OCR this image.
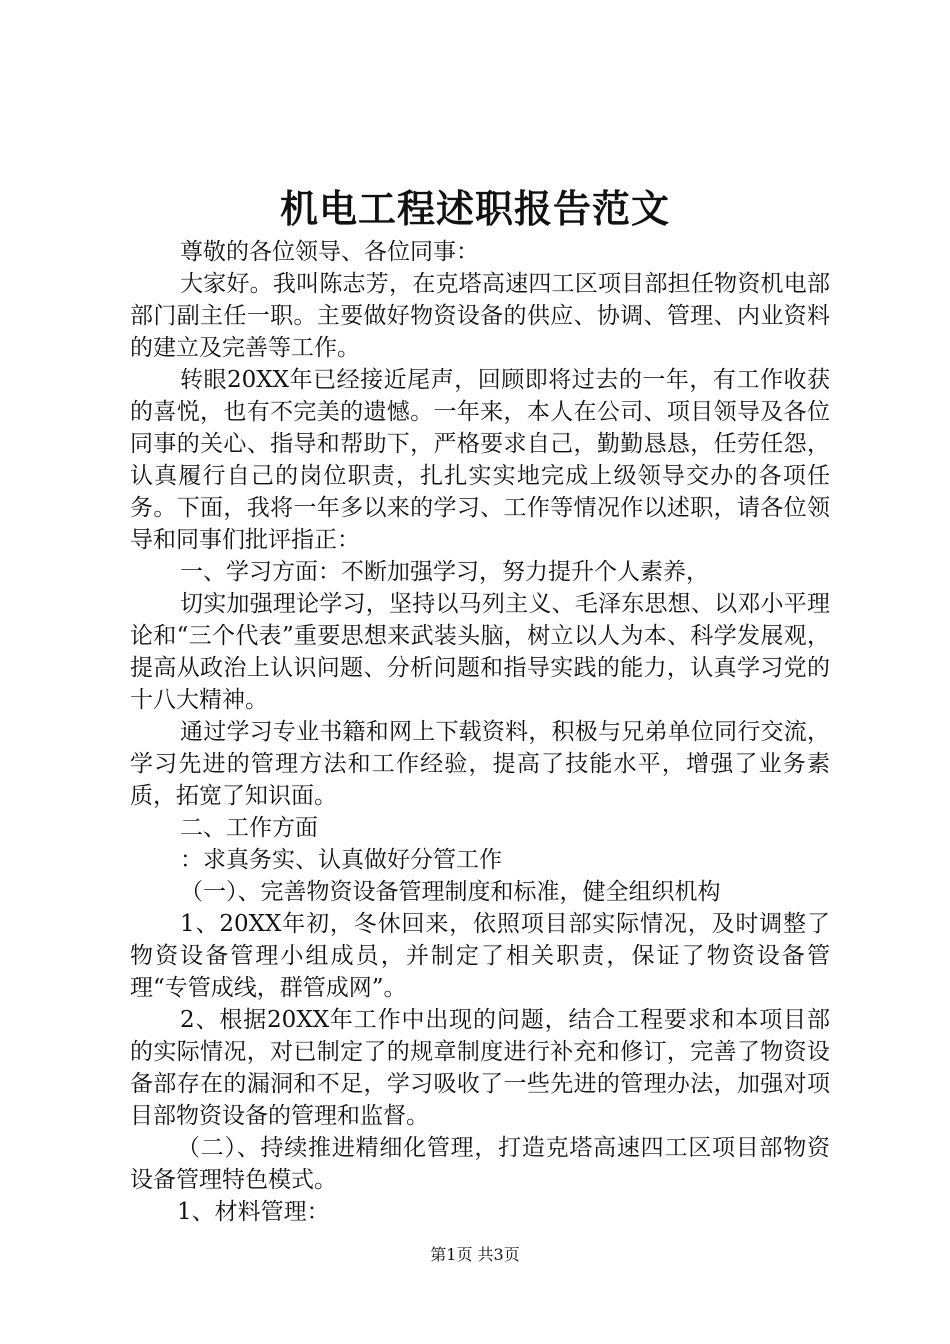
机电工程述职报告范文

尊敬的各位领导、各位同事：

大家好。我叫陈志芳，在克塔高速四工区项目部担任物资机电部部门副主任一职。主要做好物资设备的供应、协调、管理、内业资料的建立及完善等工作。

转眼20XX年已经接近尾声，回顾即将过去的一年，有工作收获的喜悦，也有不完美的遗憾。一年来，本人在公司、项目领导及各位同事的关心、指导和帮助下，严格要求自己，勤勤恳恳，任劳任怨，认真履行自己的岗位职责，扎扎实实地完成上级领导交办的各项任务。下面，我将一年多以来的学习、工作等情况作以述职，请各位领导和同事们批评指正：

一、学习方面：不断加强学习，努力提升个人素养，

切实加强理论学习，坚持以马列主义、毛泽东思想、以邓小平理论和“三个代表”重要思想来武装头脑，树立以人为本、科学发展观，提高从政治上认识问题、分析问题和指导实践的能力，认真学习党的十八大精神。

通过学习专业书籍和网上下载资料，积极与兄弟单位同行交流，学习先进的管理方法和工作经验，提高了技能水平，增强了业务素质，拓宽了知识面。

二、工作方面

：求真务实、认真做好分管工作

（一）、完善物资设备管理制度和标准，健全组织机构

1、20XX年初，冬休回来，依照项目部实际情况，及时调整了物资设备管理小组成员，并制定了相关职责，保证了物资设备管理“专管成线，群管成网”。

2、根据20XX年工作中出现的问题，结合工程要求和本项目部的实际情况，对已制定了的规章制度进行补充和修订，完善了物资设备部存在的漏洞和不足，学习吸收了一些先进的管理办法，加强对项目部物资设备的管理和监督。

（二）、持续推进精细化管理，打造克塔高速四工区项目部物资设备管理特色模式。

1、材料管理：

第1页 共3页
